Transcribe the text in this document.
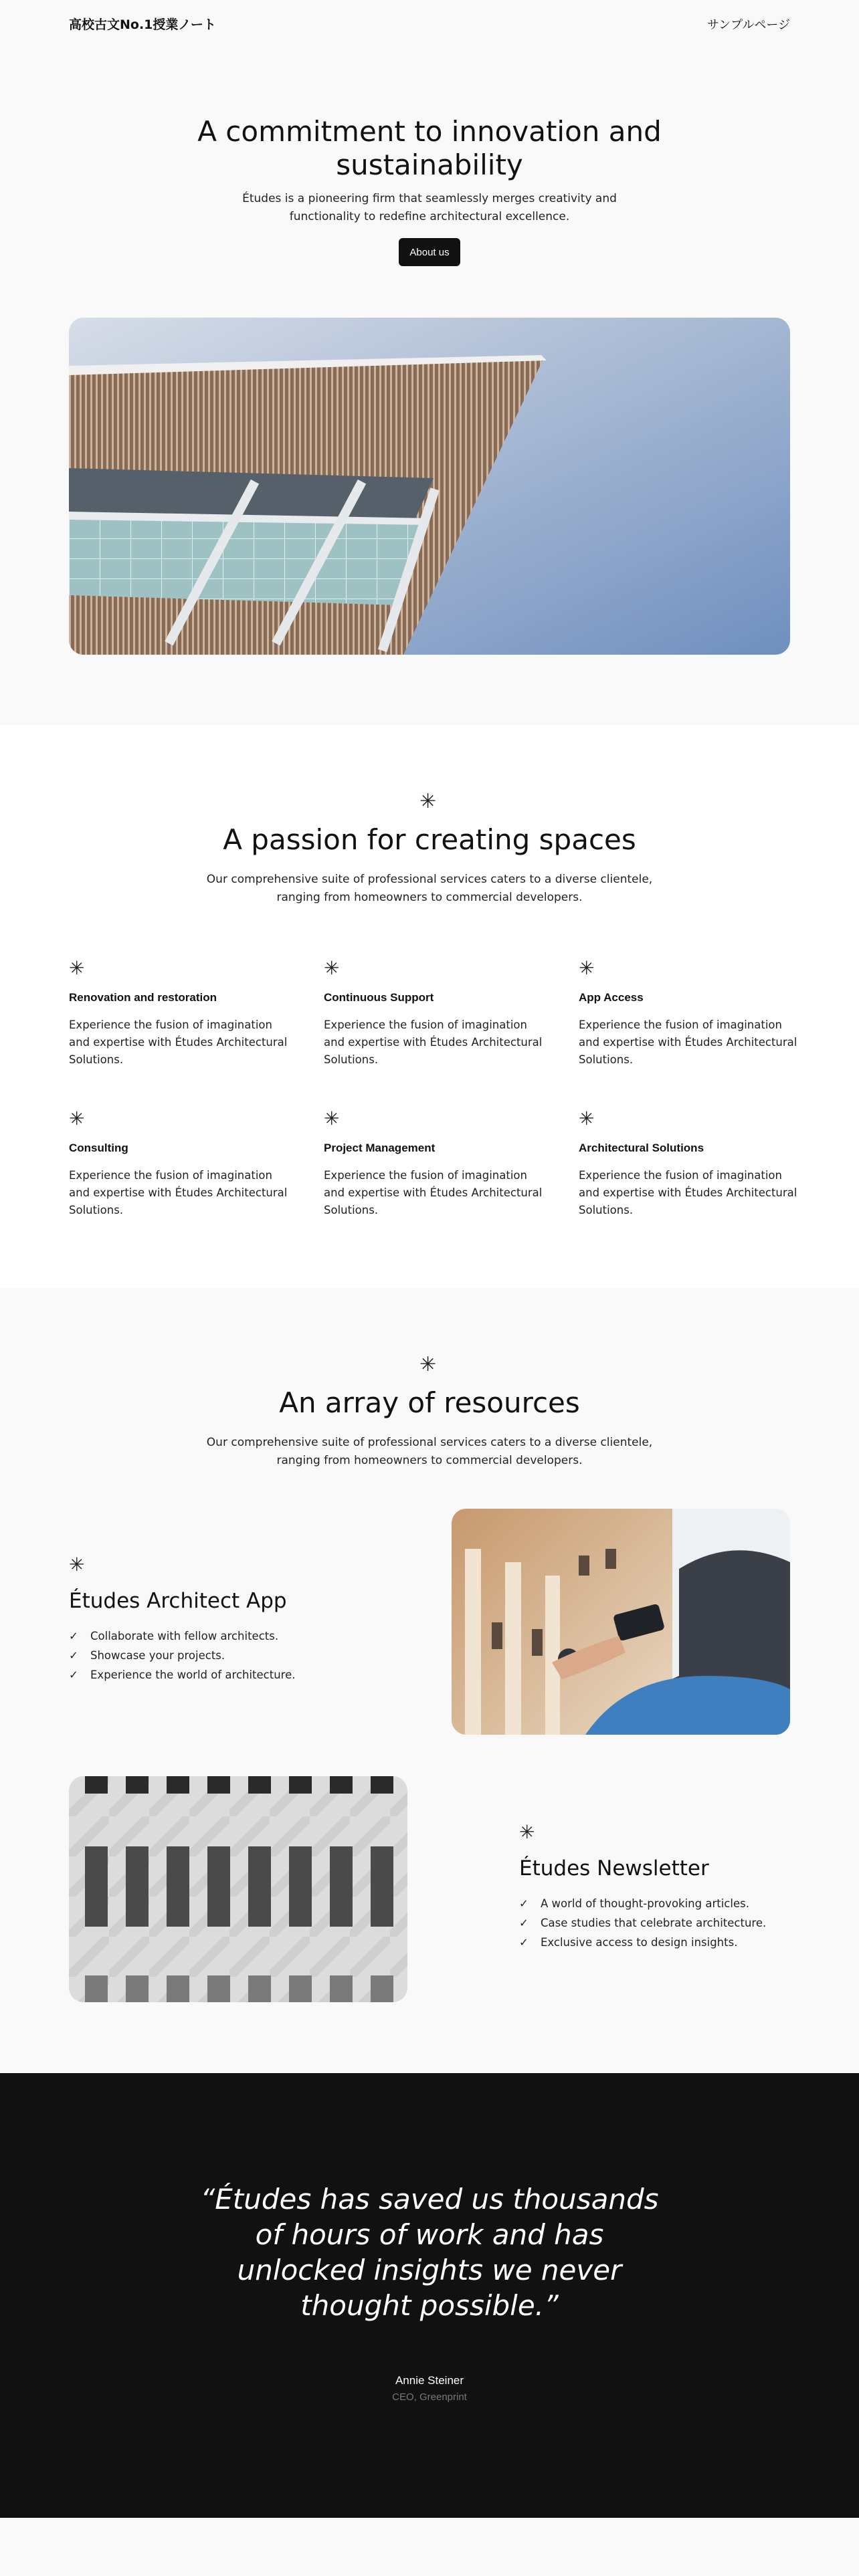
高校古文No.1授業ノート	サンプルページ
A commitment to innovation and sustainability

Études is a pioneering firm that seamlessly merges creativity and functionality to redefine architectural excellence.

About us
✳
A passion for creating spaces

Our comprehensive suite of professional services caters to a diverse clientele, ranging from homeowners to commercial developers.

✳
Renovation and restoration
Experience the fusion of imagination and expertise with Études Architectural Solutions.
✳
Continuous Support
Experience the fusion of imagination and expertise with Études Architectural Solutions.
✳
App Access
Experience the fusion of imagination and expertise with Études Architectural Solutions.
✳
Consulting
Experience the fusion of imagination and expertise with Études Architectural Solutions.
✳
Project Management
Experience the fusion of imagination and expertise with Études Architectural Solutions.
✳
Architectural Solutions
Experience the fusion of imagination and expertise with Études Architectural Solutions.
✳
An array of resources

Our comprehensive suite of professional services caters to a diverse clientele, ranging from homeowners to commercial developers.

✳
Études Architect App
✓ Collaborate with fellow architects.
✓ Showcase your projects.
✓ Experience the world of architecture.
✳
Études Newsletter
✓ A world of thought-provoking articles.
✓ Case studies that celebrate architecture.
✓ Exclusive access to design insights.
“Études has saved us thousands of hours of work and has unlocked insights we never thought possible.”
Annie Steiner
CEO, Greenprint
